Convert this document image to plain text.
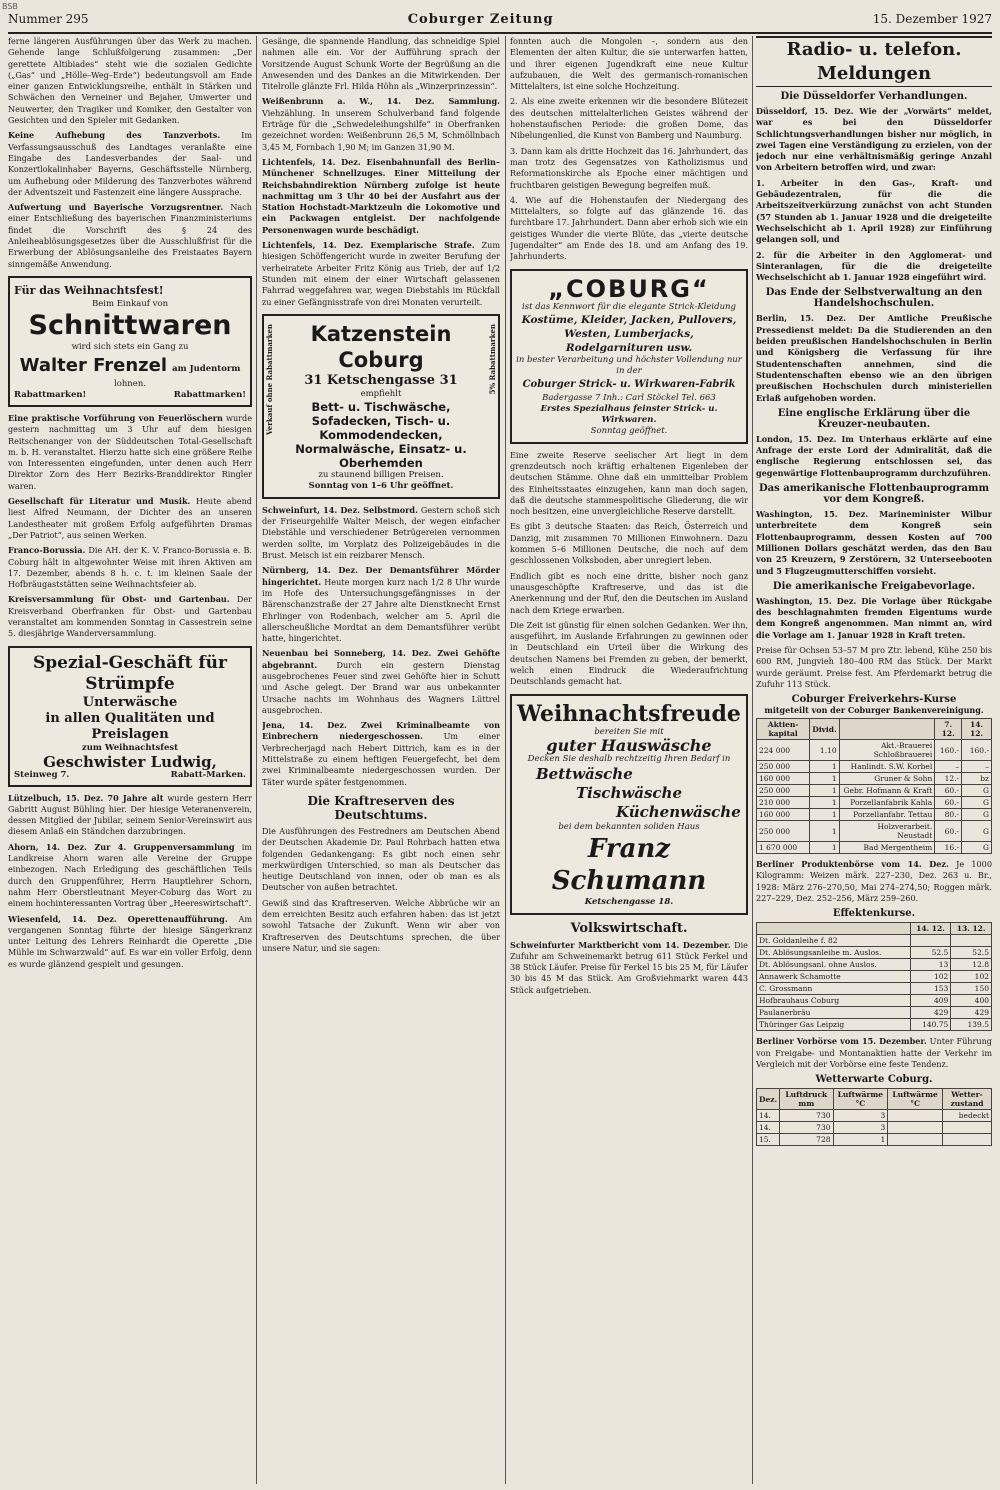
BSB
Nummer 295	Coburger Zeitung	15. Dezember 1927

ferne längeren Ausführungen über das Werk zu machen. Gehende lange Schlußfolgerung zusammen: „Der gerettete Altibiades“ steht wie die sozialen Gedichte („Gas“ und „Hölle–Weg–Erde“) bedeutungsvoll am Ende einer ganzen Entwicklungsreihe, enthält in Stärken und Schwächen den Verneiner und Bejaher, Umwerter und Neuwerter, den Tragiker und Komiker, den Gestalter von Gesichten und den Spieler mit Gedanken.

Keine Aufhebung des Tanzverbots.	Im Verfassungsausschuß des Landtages veranlaßte eine Eingabe des Landesverbandes der Saal- und Konzertlokalinhaber Bayerns, Geschäftsstelle Nürnberg, um Aufhebung oder Milderung des Tanzverbotes während der Adventszeit und Fastenzeit eine längere Aussprache.

Aufwertung und Bayerische Vorzugsrentner. Nach einer Entschließung des bayerischen Finanzministeriums findet die Vorschrift des § 24 des Anleiheablösungsgesetzes über die Ausschlußfrist für die Erwerbung der Ablösungsanleihe des Freistaates Bayern sinngemäße Anwendung.

Für das Weihnachtsfest!
Beim Einkauf von
Schnittwaren
wird sich stets ein Gang zu
Walter Frenzel am Judentorm
lohnen.
Rabattmarken!	Rabattmarken!

Eine praktische Vorführung von Feuerlöschern wurde gestern nachmittag um 3 Uhr auf dem hiesigen Reitschenanger von der Süddeutschen Total-Gesellschaft m. b. H. veranstaltet. Hierzu hatte sich eine größere Reihe von Interessenten eingefunden, unter denen auch Herr Direktor Zorn des Herr Bezirks-Branddirektor Ringler waren.

Gesellschaft für Literatur und Musik. Heute abend liest Alfred Neumann, der Dichter des an unseren Landestheater mit großem Erfolg aufgeführten Dramas „Der Patriot“, aus seinen Werken.

Franco-Borussia. Die AH. der K. V. Franco-Borussia e. B. Coburg hält in altgewohnter Weise mit ihren Aktiven am 17. Dezember, abends 8 h. c. t. im kleinen Saale der Hofbräugaststätten seine Weihnachtsfeier ab.

Kreisversammlung für Obst- und Gartenbau. Der Kreisverband Oberfranken für Obst- und Gartenbau veranstaltet am kommenden Sonntag in Cassestrein seine 5. diesjährige Wanderversammlung.

Spezial-Geschäft für Strümpfe
Unterwäsche
in allen Qualitäten und Preislagen
zum Weihnachtsfest
Geschwister Ludwig,
Steinweg 7.	Rabatt-Marken.

Lützelbuch, 15. Dez. 70 Jahre alt wurde gestern Herr Gabritt August Bühling hier. Der hiesige Veteranenverein, dessen Mitglied der Jubilar, seinem Senior-Vereinswirt aus diesem Anlaß ein Ständchen darzubringen.

Ahorn, 14. Dez. Zur 4. Gruppenversammlung im Landkreise Ahorn waren alle Vereine der Gruppe einbezogen. Nach Erledigung des geschäftlichen Teils durch den Gruppenführer, Herrn Hauptlehrer Schorn, nahm Herr Oberstleutnant Meyer-Coburg das Wort zu einem hochinteressanten Vortrag über „Heereswirtschaft“.

Wiesenfeld, 14. Dez. Operettenaufführung. Am vergangenen Sonntag führte der hiesige Sängerkranz unter Leitung des Lehrers Reinhardt die Operette „Die Mühle im Schwarzwald“ auf. Es war ein voller Erfolg, denn es wurde glänzend gespielt und gesungen.

Gesänge, die spannende Handlung, das schneidige Spiel nahmen alle ein. Vor der Aufführung sprach der Vorsitzende August Schunk Worte der Begrüßung an die Anwesenden und des Dankes an die Mitwirkenden. Der Titelrolle glänzte Frl. Hilda Höhn als „Winzerprinzessin“.

Weißenbrunn a. W., 14. Dez. Sammlung. Viehzählung. In unserem Schulverband fand folgende Erträge für die „Schwedeleihungshilfe“ in Oberfranken gezeichnet worden: Weißenbrunn 26,5 M, Schmöllnbach 3,45 M, Fornbach 1,90 M; im Ganzen 31,90 M.

Lichtenfels, 14. Dez. Eisenbahnunfall des Berlin–Münchener Schnellzuges. Einer Mitteilung der Reichsbahndirektion Nürnberg zufolge ist heute nachmittag um 3 Uhr 40 bei der Ausfahrt aus der Station Hochstadt-Marktzeuln die Lokomotive und ein Packwagen entgleist. Der nachfolgende Personenwagen wurde beschädigt.

Lichtenfels, 14. Dez. Exemplarische Strafe. Zum hiesigen Schöffengericht wurde in zweiter Berufung der verheiratete Arbeiter Fritz König aus Trieb, der auf 1/2 Stunden mit einem der einer Wirtschaft gelassenen Fahrrad weggefahren war, wegen Diebstahls im Rückfall zu einer Gefängnisstrafe von drei Monaten verurteilt.

Verkauf ohne Rabattmarken	5% Rabattmarken
Katzenstein Coburg
31 Ketschengasse 31
empfiehlt
Bett- u. Tischwäsche, Sofadecken, Tisch- u. Kommodendecken, Normalwäsche, Einsatz- u. Oberhemden
zu staunend billigen Preisen.
Sonntag von 1–6 Uhr geöffnet.

Schweinfurt, 14. Dez. Selbstmord. Gestern schoß sich der Friseurgehilfe Walter Meisch, der wegen einfacher Diebstähle und verschiedener Betrügereien vernommen werden sollte, im Vorplatz des Polizeigebäudes in die Brust. Meisch ist ein reizbarer Mensch.

Nürnberg, 14. Dez. Der Demantsführer Mörder hingerichtet. Heute morgen kurz nach 1/2 8 Uhr wurde im Hofe des Untersuchungsgefängnisses in der Bärenschanzstraße der 27 Jahre alte Dienstknecht Ernst Ehrlinger von Rodenbach, welcher am 5. April die allerscheußliche Mordtat an dem Demantsführer verübt hatte, hingerichtet.

Neuenbau bei Sonneberg, 14. Dez. Zwei Gehöfte abgebrannt. Durch ein gestern Dienstag ausgebrochenes Feuer sind zwei Gehöfte hier in Schutt und Asche gelegt. Der Brand war aus unbekannter Ursache nachts im Wohnhaus des Wagners Lüttrel ausgebrochen.

Jena, 14. Dez. Zwei Kriminalbeamte von Einbrechern niedergeschossen.	Um einer Verbrecherjagd nach Hebert Dittrich, kam es in der Mittelstraße zu einem heftigen Feuergefecht, bei dem zwei Kriminalbeamte niedergeschossen wurden. Der Täter wurde später festgenommen.

Die Kraftreserven des Deutschtums.

Die Ausführungen des Festredners am Deutschen Abend der Deutschen Akademie Dr. Paul Rohrbach hatten etwa folgenden Gedankengang: Es gibt noch einen sehr merkwürdigen Unterschied, so man als Deutscher das heutige Deutschland von innen, oder ob man es als Deutscher von außen betrachtet.

Gewiß sind das Kraftreserven. Welche Abbrüche wir an dem erreichten Besitz auch erfahren haben: das ist jetzt sowohl Tatsache der Zukunft. Wenn wir aber von Kraftreserven des Deutschtums sprechen, die über unsere Natur, und sie sagen:

fonnten auch die Mongolen –, sondern aus den Elementen der alten Kultur, die sie unterwarfen hatten, und ihrer eigenen Jugendkraft eine neue Kultur aufzubauen, die Welt des germanisch-romanischen Mittelalters, ist eine solche Hochzeitung.

2. Als eine zweite erkennen wir die besondere Blütezeit des deutschen mittelalterlichen Geistes während der hohenstaufischen Periode: die großen Dome, das Nibelungenlied, die Kunst von Bamberg und Naumburg.

3. Dann kam als dritte Hochzeit das 16. Jahrhundert, das man trotz des Gegensatzes von Katholizismus und Reformationskirche als Epoche einer mächtigen und fruchtbaren geistigen Bewegung begreifen muß.

4. Wie auf die Hohenstaufen der Niedergang des Mittelalters, so folgte auf das glänzende 16. das furchtbare 17. Jahrhundert. Dann aber erhob sich wie ein geistiges Wunder die vierte Blüte, das „vierte deutsche Jugendalter“ am Ende des 18. und am Anfang des 19. Jahrhunderts.

„COBURG“
ist das Kennwort für die elegante Strick-Kleidung
Kostüme, Kleider, Jacken, Pullovers, Westen, Lumberjacks, Rodelgarnituren usw.
in bester Verarbeitung und höchster Vollendung nur in der
Coburger Strick- u. Wirkwaren-Fabrik
Badergasse 7 Inh.: Carl Stöckel Tel. 663
Erstes Spezialhaus feinster Strick- u. Wirkwaren.
Sonntag geöffnet.

Eine zweite Reserve seelischer Art liegt in dem grenzdeutsch noch kräftig erhaltenen Eigenleben der deutschen Stämme. Ohne daß ein unmittelbar Problem des Einheitsstaates einzugehen, kann man doch sagen, daß die deutsche stammespolitische Gliederung, die wir noch besitzen, eine unvergleichliche Reserve darstellt.

Es gibt 3 deutsche Staaten: das Reich, Österreich und Danzig, mit zusammen 70 Millionen Einwohnern. Dazu kommen 5–6 Millionen Deutsche, die noch auf dem geschlossenen Volksboden, aber unregiert leben.

Endlich gibt es noch eine dritte, bisher noch ganz unausgeschöpfte Kraftreserve, und das ist die Anerkennung und der Ruf, den die Deutschen im Ausland nach dem Kriege erwarben.

Die Zeit ist günstig für einen solchen Gedanken. Wer ihn, ausgeführt, im Auslande Erfahrungen zu gewinnen oder in Deutschland ein Urteil über die Wirkung des deutschen Namens bei Fremden zu geben, der bemerkt, welch einen Eindruck die Wiederaufrichtung Deutschlands gemacht hat.

Weihnachtsfreude
bereiten Sie mit
guter Hauswäsche
Decken Sie deshalb rechtzeitig Ihren Bedarf in
Bettwäsche
Tischwäsche
Küchenwäsche
bei dem bekannten soliden Haus
Franz Schumann
Ketschengasse 18.
Volkswirtschaft.

Schweinfurter Marktbericht vom 14. Dezember. Die Zufuhr am Schweinemarkt betrug 611 Stück Ferkel und 38 Stück Läufer. Preise für Ferkel 15 bis 25 M, für Läufer 30 bis 45 M das Stück. Am Großviehmarkt waren 443 Stück aufgetrieben.

Radio- u. telefon. Meldungen
Die Düsseldorfer Verhandlungen.

Düsseldorf, 15. Dez. Wie der „Vorwärts“ meldet, war es bei den Düsseldorfer Schlichtungsverhandlungen bisher nur möglich, in zwei Tagen eine Verständigung zu erzielen, von der jedoch nur eine verhältnismäßig geringe Anzahl von Arbeitern betroffen wird, und zwar:

1. Arbeiter in den Gas-, Kraft- und Gebäudezentralen, für die die Arbeitszeitverkürzung zunächst von acht Stunden (57 Stunden ab 1. Januar 1928 und die dreigeteilte Wechselschicht ab 1. April 1928) zur Einführung gelangen soll, und

2. für die Arbeiter in den Agglomerat- und Sinteranlagen, für die die dreigeteilte Wechselschicht ab 1. Januar 1928 eingeführt wird.

Das Ende der Selbstverwaltung an den Handelshochschulen.

Berlin, 15. Dez. Der Amtliche Preußische Pressedienst meldet: Da die Studierenden an den beiden preußischen Handelshochschulen in Berlin und Königsberg die Verfassung für ihre Studentenschaften annehmen, sind die Studentenschaften ebenso wie an den übrigen preußischen Hochschulen durch ministeriellen Erlaß aufgehoben worden.

Eine englische Erklärung über die Kreuzer-neubauten.

London, 15. Dez. Im Unterhaus erklärte auf eine Anfrage der erste Lord der Admiralität, daß die englische Regierung entschlossen sei, das gegenwärtige Flottenbauprogramm durchzuführen.

Das amerikanische Flottenbauprogramm vor dem Kongreß.

Washington, 15. Dez. Marineminister Wilbur unterbreitete dem Kongreß sein Flottenbauprogramm, dessen Kosten auf 700 Millionen Dollars geschätzt werden, das den Bau von 25 Kreuzern, 9 Zerstörern, 32 Unterseebooten und 5 Flugzeugmutterschiffen vorsieht.

Die amerikanische Freigabevorlage.

Washington, 15. Dez. Die Vorlage über Rückgabe des beschlagnahmten fremden Eigentums wurde dem Kongreß angenommen. Man nimmt an, wird die Vorlage am 1. Januar 1928 in Kraft treten.

Preise für Ochsen 53–57 M pro Ztr. lebend, Kühe 250 bis 600 RM, Jungvieh 180–400 RM das Stück. Der Markt wurde geräumt. Preise fest. Am Pferdemarkt betrug die Zufuhr 113 Stück.

Coburger Freiverkehrs-Kurse
mitgeteilt von der Coburger Bankenvereinigung.
Aktien-kapital	Divid.		7. 12.	14. 12.
224 000	1.10	Akt.-Brauerei Schloßbrauerei	160.-	160.-
250 000	1	Hanlindt. S.W. Korbel	–	–
160 000	1	Gruner & Sohn	12.-	bz
250 000	1	Gebr. Hofmann & Kraft	60.-	G
210 000	1	Porzellanfabrik Kahla	60.-	G
160 000	1	Porzellanfabr. Tettau	80.-	G
250 000	1	Holzverarbeit. Neustadt	60.-	G
1 670 000	1	Bad Mergentheim	16.-	G

Berliner Produktenbörse vom 14. Dez. Je 1000 Kilogramm: Weizen märk. 227–230, Dez. 263 u. Br., 1928: März 276–270,50, Mai 274–274,50; Roggen märk. 227–229, Dez. 252–256, März 259–260.

Effektenkurse.
	14. 12.	13. 12.
Dt. Goldanleihe f. 82		
Dt. Ablösungsanleihe m. Auslos.	52.5	52.5
Dt. Ablösungsanl. ohne Auslos.	13	12.8
Annawerk Schamotte	102	102
C. Grossmann	153	150
Hofbrauhaus Coburg	409	400
Paulanerbräu	429	429
Thüringer Gas Leipzig	140.75	139.5

Berliner Vorbörse vom 15. Dezember. Unter Führung von Freigabe- und Montanaktien hatte der Verkehr im Vergleich mit der Vorbörse eine feste Tendenz.

Wetterwarte Coburg.
Dez.	Luftdruck mm	Luftwärme °C	Luftwärme °C	Wetter-zustand
14.	730	3		bedeckt
14.	730	3		
15.	728	1		
